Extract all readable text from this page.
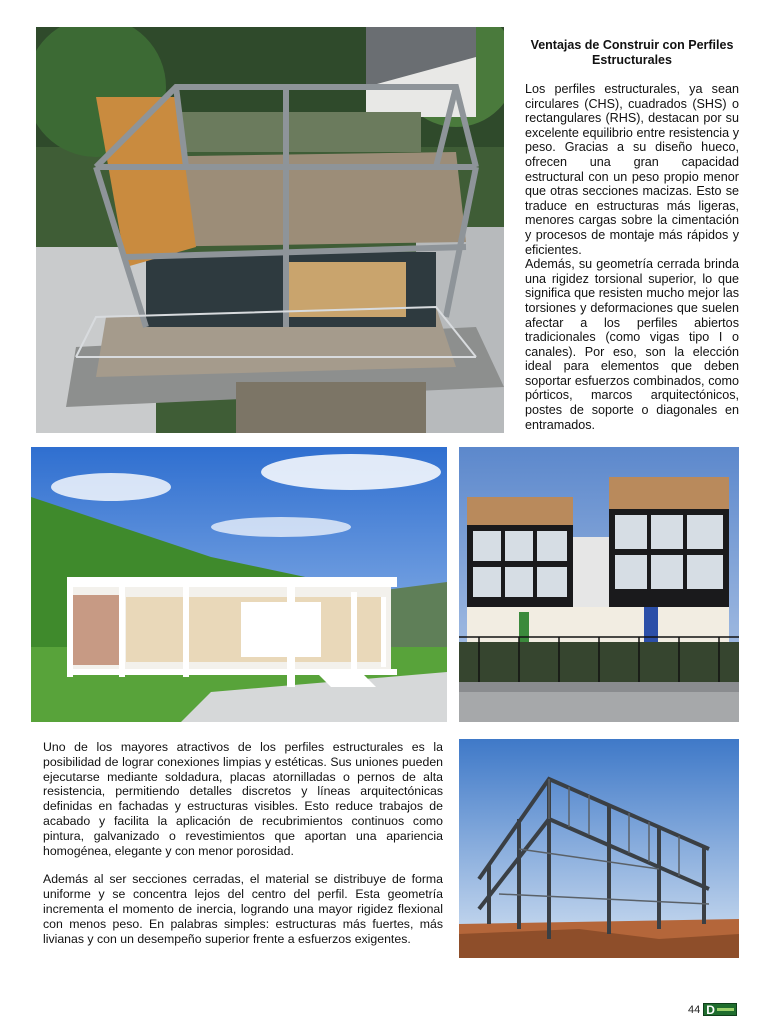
Ventajas de Construir con Perfiles Estructurales

Los perfiles estructurales, ya sean circulares (CHS), cuadrados (SHS) o rectangulares (RHS), destacan por su excelente equilibrio entre resistencia y peso. Gracias a su diseño hueco, ofrecen una gran capacidad estructural con un peso propio menor que otras secciones macizas. Esto se traduce en estructuras más ligeras, menores cargas sobre la cimentación y procesos de montaje más rápidos y eficientes.

Además, su geometría cerrada brinda una rigidez torsional superior, lo que significa que resisten mucho mejor las torsiones y deformaciones que suelen afectar a los perfiles abiertos tradicionales (como vigas tipo I o canales). Por eso, son la elección ideal para elementos que deben soportar esfuerzos combinados, como pórticos, marcos arquitectónicos, postes de soporte o diagonales en entramados.

Uno de los mayores atractivos de los perfiles estructurales es la posibilidad de lograr conexiones limpias y estéticas. Sus uniones pueden ejecutarse mediante soldadura, placas atornilladas o pernos de alta resistencia, permitiendo detalles discretos y líneas arquitectónicas definidas en fachadas y estructuras visibles. Esto reduce trabajos de acabado y facilita la aplicación de recubrimientos continuos como pintura, galvanizado o revestimientos que aportan una apariencia homogénea, elegante y con menor porosidad.

Además al ser secciones cerradas, el material se distribuye de forma uniforme y se concentra lejos del centro del perfil. Esta geometría incrementa el momento de inercia, logrando una mayor rigidez flexional con menos peso. En palabras simples: estructuras más fuertes, más livianas y con un desempeño superior frente a esfuerzos exigentes.

44 D
